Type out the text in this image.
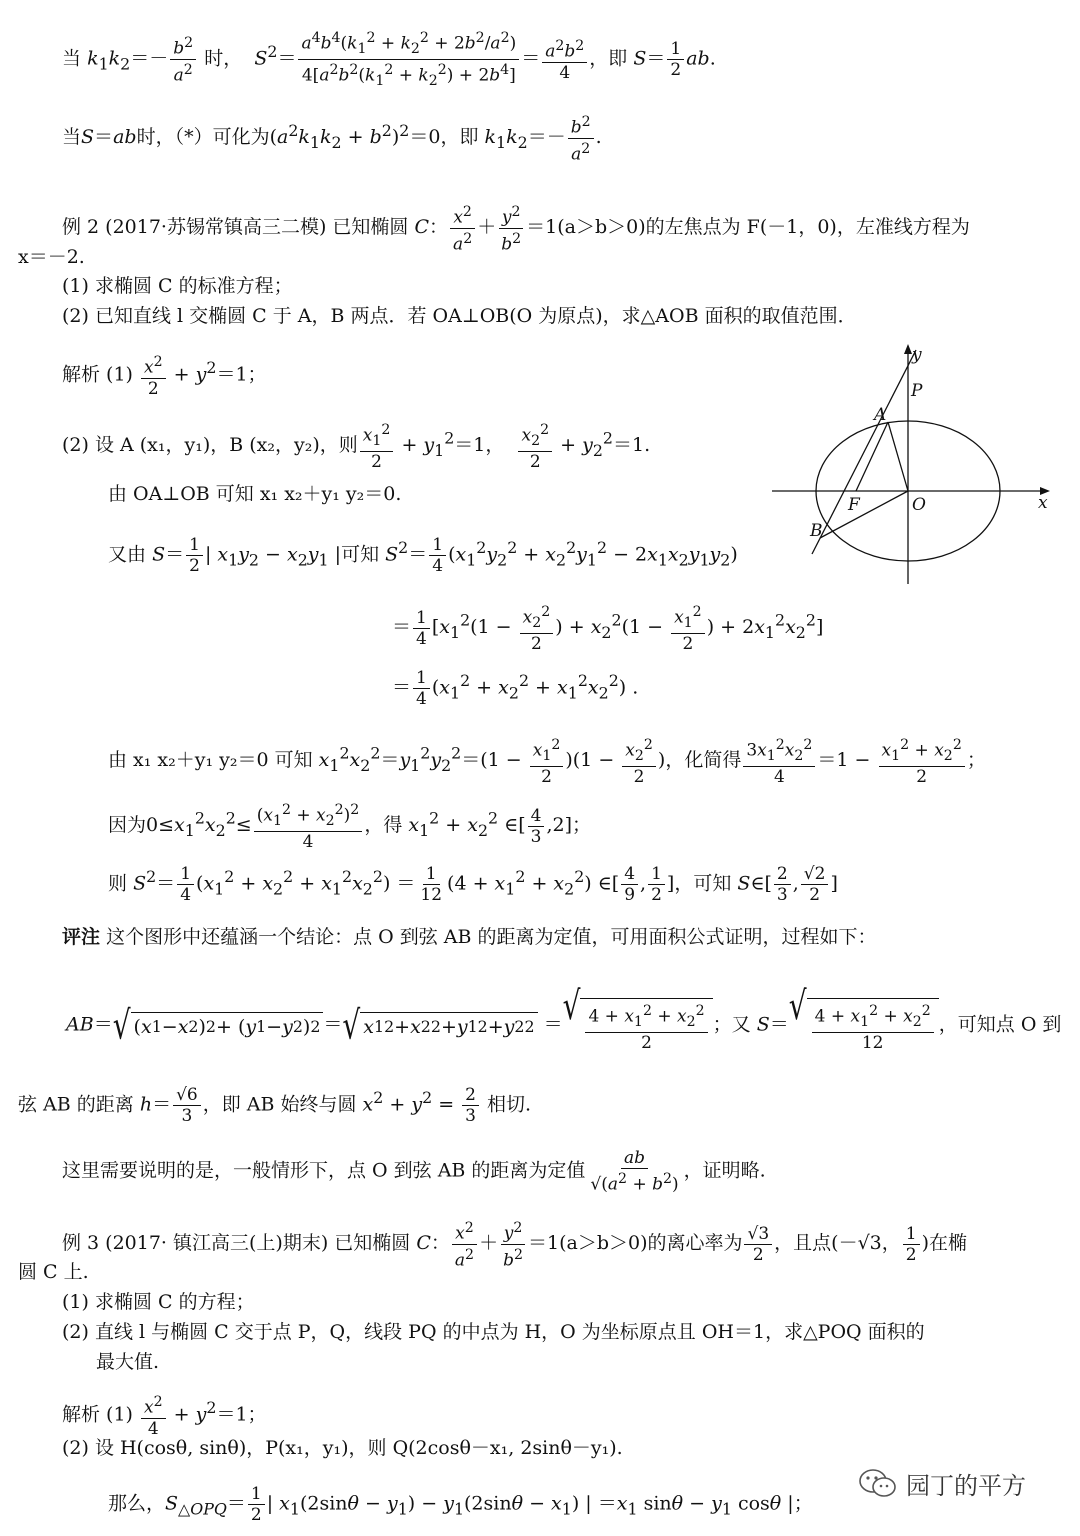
当 $k_1k_2=- \frac{b^2}{a^2}$ 时， $S^2= \frac{a^4b^4(k_1^2 + k_2^2 + 2b^2/a^2)}{4[a^2b^2(k_1^2 + k_2^2) + 2b^4]} = \frac{a^2b^2}{4}$ ，即 $S= \frac{1}{2}$ ab.
当S＝ab时，（*）可化为$(a^2k_1k_2 + b^2)^2=0$，即 $k_1k_2=- \frac{b^2}{a^2}$ .
例 2 (2017·苏锡常镇高三二模) 已知椭圆 C： $\frac{x^2}{a^2} + \frac{y^2}{b^2} =1(a>b>0)$的左焦点为 F(－1，0)，左准线方程为
x＝－2.
(1) 求椭圆 C 的标准方程；
(2) 已知直线 l 交椭圆 C 于 A，B 两点．若 OA⊥OB(O 为原点)，求△AOB 面积的取值范围．
解析 $(1) \frac{x^2}{2} + y^2=1$；
(2) 设 A (x₁，y₁)，B (x₂，y₂)，则 $\frac{x_1^2}{2} + y_1^2=1$， $\frac{x_2^2}{2} + y_2^2=1$.
由 OA⊥OB 可知 x₁ x₂＋y₁ y₂＝0.
又由 $S= \frac{1}{2}$ | $x_1y_2 - x_2y_1$ |可知 $S^2= \frac{1}{4} (x_1^2y_2^2 + x_2^2y_1^2 - 2x_1x_2y_1y_2)$
＝ $\frac{1}{4} [x_1^2(1 - \frac{x_2^2}{2}$ ) + $x_2^2(1 - \frac{x_1^2}{2}$ ) + $2x_1^2x_2^2$]
＝ $\frac{1}{4} (x_1^2 + x_2^2 + x_1^2x_2^2)$ .
由 x₁ x₂＋y₁ y₂＝0 可知 $x_1^2x_2^2=y_1^2y_2^2=(1 - \frac{x_1^2}{2} )(1 - \frac{x_2^2}{2}$ )，化简得 $\frac{3x_1^2x_2^2}{4} =1 - \frac{x_1^2 + x_2^2}{2}$ ；
因为$0\le x_1^2x_2^2\le \frac{(x_1^2 + x_2^2)^2}{4}$ ，得 $x_1^2 + x_2^2$ ∈[ $\frac{4}{3} ,2$]；
则 $S^2= \frac{1}{4} (x_1^2 + x_2^2 + x_1^2x_2^2) = \frac{1}{12} (4 + x_1^2 + x_2^2)$ ∈[ $\frac{4}{9}$ , $\frac{1}{2}$ ]，可知 S∈[ $\frac{2}{3}$ , $\frac{√2}{2}$ ]
评注 这个图形中还蕴涵一个结论：点 O 到弦 AB 的距离为定值，可用面积公式证明，过程如下：
AB＝ √ ( x 1 − x 2 ) 2 + ( y 1 − y 2 ) 2 ＝ √ x 1 2 + x 2 2 + y 1 2 + y 2 2 ＝ √ $\frac{4 + x_1^2 + x_2^2}{2}$ ；又 S＝ √ $\frac{4 + x_1^2 + x_2^2}{12}$ ，可知点 O 到
弦 AB 的距离 $h= \frac{√6}{3}$ ，即 AB 始终与圆 $x^2 + y^2 = \frac{2}{3}$ 相切.
这里需要说明的是，一般情形下，点 O 到弦 AB 的距离为定值 $\frac{ab}{√(a^2 + b^2)}$ ，证明略.
例 3 (2017· 镇江高三(上)期末) 已知椭圆 C： $\frac{x^2}{a^2} + \frac{y^2}{b^2} =1(a>b>0)$的离心率为 $\frac{√3}{2}$ ，且点(－√3， $\frac{1}{2}$ )在椭
圆 C 上.
(1) 求椭圆 C 的方程；
(2) 直线 l 与椭圆 C 交于点 P，Q，线段 PQ 的中点为 H，O 为坐标原点且 OH＝1，求△POQ 面积的
最大值.
解析 $(1) \frac{x^2}{4} + y^2=1$；
(2) 设 H(cosθ, sinθ)，P(x₁，y₁)，则 Q(2cosθ－x₁, 2sinθ－y₁).
那么，$S_{\triangle OPQ}= \frac{1}{2}$ | $x_1(2\sin\theta - y_1) - y_1(2\sin\theta - x_1)$ | $=x_1$ $\sin\theta - y_1$ cosθ |；
y
P
A
F	O	x
B
园丁的平方
